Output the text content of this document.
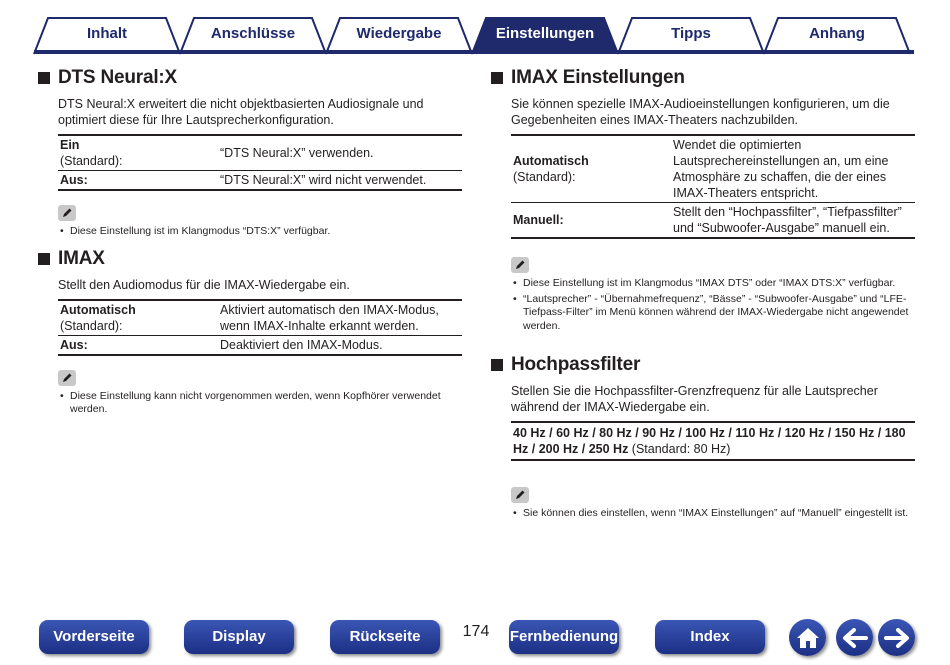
Inhalt	Anschlüsse	Wiedergabe	Einstellungen	Tipps	Anhang
DTS Neural:X

DTS Neural:X erweitert die nicht objektbasierten Audiosignale und optimiert diese für Ihre Lautsprecherkonfiguration.

Ein
(Standard):	“DTS Neural:X” verwenden.

Aus:	“DTS Neural:X” wird nicht verwendet.
• Diese Einstellung ist im Klangmodus “DTS:X” verfügbar.
IMAX

Stellt den Audiomodus für die IMAX-Wiedergabe ein.

Automatisch
(Standard):	Aktiviert automatisch den IMAX-Modus, wenn IMAX-Inhalte erkannt werden.

Aus:	Deaktiviert den IMAX-Modus.
• Diese Einstellung kann nicht vorgenommen werden, wenn Kopfhörer verwendet werden.
IMAX Einstellungen

Sie können spezielle IMAX-Audioeinstellungen konfigurieren, um die Gegebenheiten eines IMAX-Theaters nachzubilden.

Automatisch
(Standard):	Wendet die optimierten Lautsprechereinstellungen an, um eine Atmosphäre zu schaffen, die der eines IMAX-Theaters entspricht.

Manuell:	Stellt den “Hochpassfilter”, “Tiefpassfilter” und “Subwoofer-Ausgabe” manuell ein.
• Diese Einstellung ist im Klangmodus “IMAX DTS” oder “IMAX DTS:X” verfügbar.
• “Lautsprecher” - “Übernahmefrequenz”, “Bässe” - “Subwoofer-Ausgabe” und “LFE-Tiefpass-Filter” im Menü können während der IMAX-Wiedergabe nicht angewendet werden.
Hochpassfilter

Stellen Sie die Hochpassfilter-Grenzfrequenz für alle Lautsprecher während der IMAX-Wiedergabe ein.

40 Hz / 60 Hz / 80 Hz / 90 Hz / 100 Hz / 110 Hz / 120 Hz / 150 Hz / 180 Hz / 200 Hz / 250 Hz (Standard: 80 Hz)
• Sie können dies einstellen, wenn “IMAX Einstellungen” auf “Manuell” eingestellt ist.
Vorderseite	Display	Rückseite	174	Fernbedienung	Index
